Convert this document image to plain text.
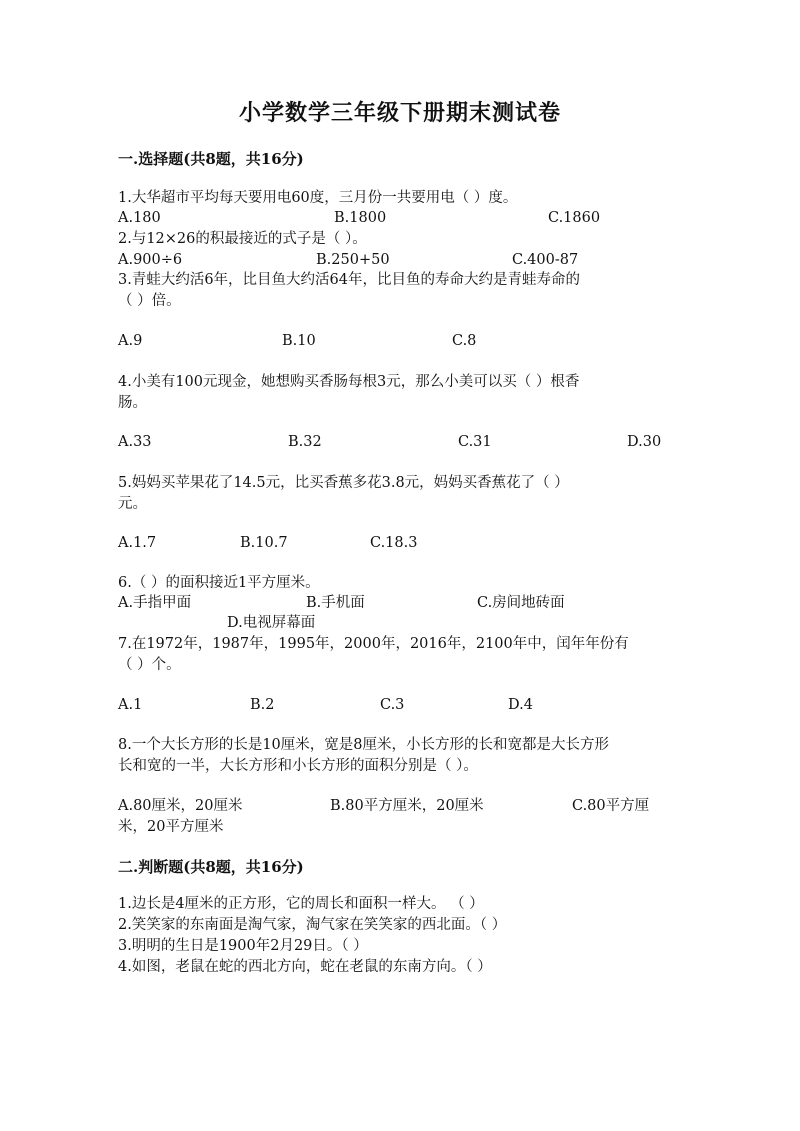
小学数学三年级下册期末测试卷
一.选择题(共8题，共16分)
1.大华超市平均每天要用电60度，三月份一共要用电（ ）度。
A.180	B.1800	C.1860
2.与12×26的积最接近的式子是（ ）。
A.900÷6	B.250+50	C.400-87
3.青蛙大约活6年，比目鱼大约活64年，比目鱼的寿命大约是青蛙寿命的
（ ）倍。
A.9	B.10	C.8
4.小美有100元现金，她想购买香肠每根3元，那么小美可以买（ ）根香
肠。
A.33	B.32	C.31	D.30
5.妈妈买苹果花了14.5元，比买香蕉多花3.8元，妈妈买香蕉花了（ ）
元。
A.1.7	B.10.7	C.18.3
6.（ ）的面积接近1平方厘米。
A.手指甲面	B.手机面	C.房间地砖面
D.电视屏幕面
7.在1972年，1987年，1995年，2000年，2016年，2100年中，闰年年份有
（ ）个。
A.1	B.2	C.3	D.4
8.一个大长方形的长是10厘米，宽是8厘米，小长方形的长和宽都是大长方形
长和宽的一半，大长方形和小长方形的面积分别是（ ）。
A.80厘米，20厘米	B.80平方厘米，20厘米	C.80平方厘
米，20平方厘米
二.判断题(共8题，共16分)
1.边长是4厘米的正方形，它的周长和面积一样大。 （ ）
2.笑笑家的东南面是淘气家，淘气家在笑笑家的西北面。（ ）
3.明明的生日是1900年2月29日。（ ）
4.如图，老鼠在蛇的西北方向，蛇在老鼠的东南方向。（ ）
